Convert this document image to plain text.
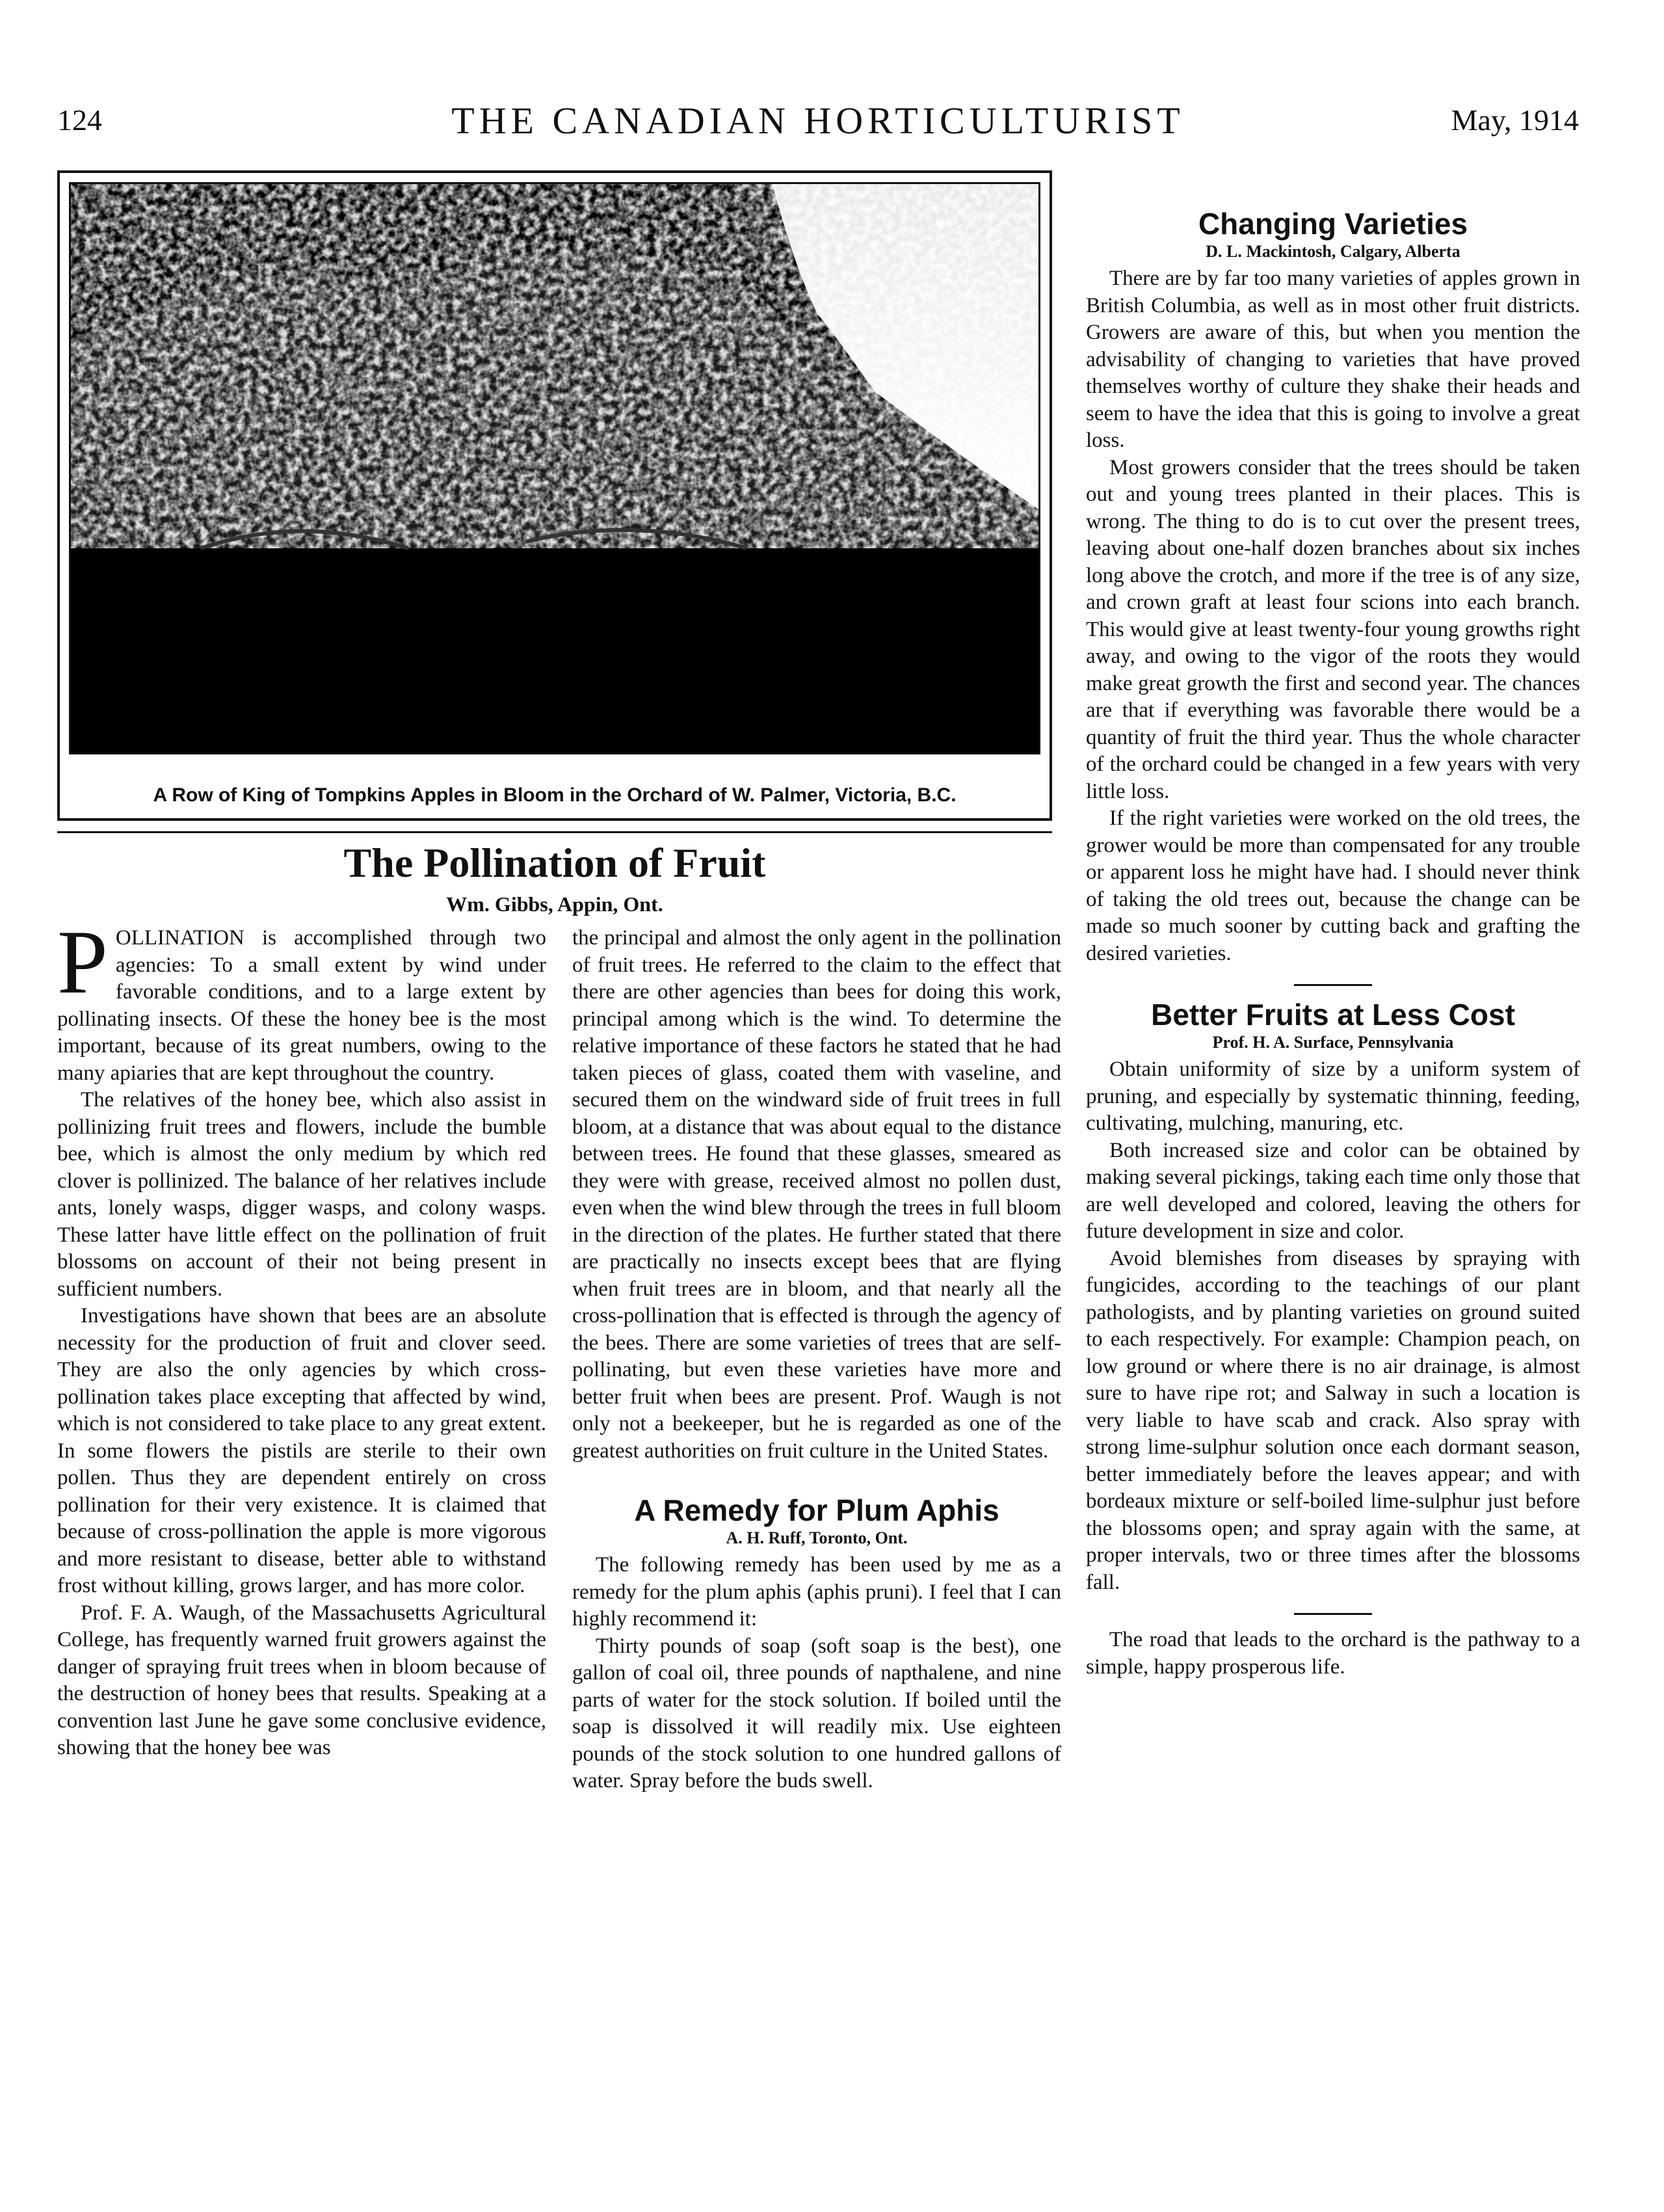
124	THE CANADIAN HORTICULTURIST	May, 1914
A Row of King of Tompkins Apples in Bloom in the Orchard of W. Palmer, Victoria, B.C.
The Pollination of Fruit
Wm. Gibbs, Appin, Ont.

POLLINATION is accomplished through two agencies: To a small extent by wind under favorable conditions, and to a large extent by pollinating insects. Of these the honey bee is the most important, because of its great numbers, owing to the many apiaries that are kept throughout the country.

The relatives of the honey bee, which also assist in pollinizing fruit trees and flowers, include the bumble bee, which is almost the only medium by which red clover is pollinized. The balance of her relatives include ants, lonely wasps, digger wasps, and colony wasps. These latter have little effect on the pollination of fruit blossoms on account of their not being present in sufficient numbers.

Investigations have shown that bees are an absolute necessity for the production of fruit and clover seed. They are also the only agencies by which cross-pollination takes place excepting that affected by wind, which is not considered to take place to any great extent. In some flowers the pistils are sterile to their own pollen. Thus they are dependent entirely on cross pollination for their very existence. It is claimed that because of cross-pollination the apple is more vigorous and more resistant to disease, better able to withstand frost without killing, grows larger, and has more color.

Prof. F. A. Waugh, of the Massachusetts Agricultural College, has frequently warned fruit growers against the danger of spraying fruit trees when in bloom because of the destruction of honey bees that results. Speaking at a convention last June he gave some conclusive evidence, showing that the honey bee was

the principal and almost the only agent in the pollination of fruit trees. He referred to the claim to the effect that there are other agencies than bees for doing this work, principal among which is the wind. To determine the relative importance of these factors he stated that he had taken pieces of glass, coated them with vaseline, and secured them on the windward side of fruit trees in full bloom, at a distance that was about equal to the distance between trees. He found that these glasses, smeared as they were with grease, received almost no pollen dust, even when the wind blew through the trees in full bloom in the direction of the plates. He further stated that there are practically no insects except bees that are flying when fruit trees are in bloom, and that nearly all the cross-pollination that is effected is through the agency of the bees. There are some varieties of trees that are self-pollinating, but even these varieties have more and better fruit when bees are present. Prof. Waugh is not only not a beekeeper, but he is regarded as one of the greatest authorities on fruit culture in the United States.

A Remedy for Plum Aphis
A. H. Ruff, Toronto, Ont.

The following remedy has been used by me as a remedy for the plum aphis (aphis pruni). I feel that I can highly recommend it:

Thirty pounds of soap (soft soap is the best), one gallon of coal oil, three pounds of napthalene, and nine parts of water for the stock solution. If boiled until the soap is dissolved it will readily mix. Use eighteen pounds of the stock solution to one hundred gallons of water. Spray before the buds swell.

Changing Varieties
D. L. Mackintosh, Calgary, Alberta

There are by far too many varieties of apples grown in British Columbia, as well as in most other fruit districts. Growers are aware of this, but when you mention the advisability of changing to varieties that have proved themselves worthy of culture they shake their heads and seem to have the idea that this is going to involve a great loss.

Most growers consider that the trees should be taken out and young trees planted in their places. This is wrong. The thing to do is to cut over the present trees, leaving about one-half dozen branches about six inches long above the crotch, and more if the tree is of any size, and crown graft at least four scions into each branch. This would give at least twenty-four young growths right away, and owing to the vigor of the roots they would make great growth the first and second year. The chances are that if everything was favorable there would be a quantity of fruit the third year. Thus the whole character of the orchard could be changed in a few years with very little loss.

If the right varieties were worked on the old trees, the grower would be more than compensated for any trouble or apparent loss he might have had. I should never think of taking the old trees out, because the change can be made so much sooner by cutting back and grafting the desired varieties.

Better Fruits at Less Cost
Prof. H. A. Surface, Pennsylvania

Obtain uniformity of size by a uniform system of pruning, and especially by systematic thinning, feeding, cultivating, mulching, manuring, etc.

Both increased size and color can be obtained by making several pickings, taking each time only those that are well developed and colored, leaving the others for future development in size and color.

Avoid blemishes from diseases by spraying with fungicides, according to the teachings of our plant pathologists, and by planting varieties on ground suited to each respectively. For example: Champion peach, on low ground or where there is no air drainage, is almost sure to have ripe rot; and Salway in such a location is very liable to have scab and crack. Also spray with strong lime-sulphur solution once each dormant season, better immediately before the leaves appear; and with bordeaux mixture or self-boiled lime-sulphur just before the blossoms open; and spray again with the same, at proper intervals, two or three times after the blossoms fall.

The road that leads to the orchard is the pathway to a simple, happy prosperous life.
